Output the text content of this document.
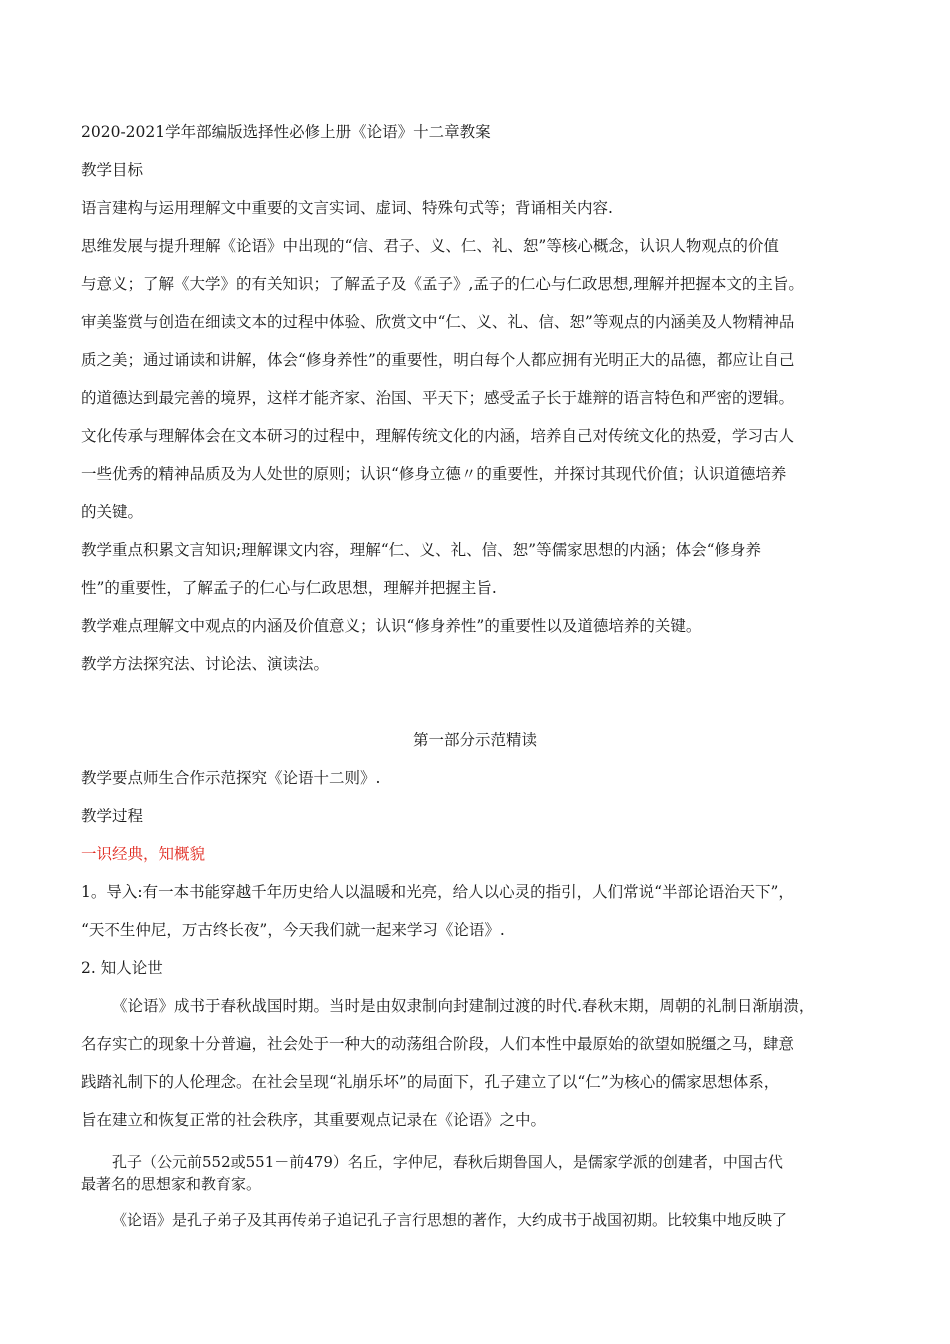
2020-2021学年部编版选择性必修上册《论语》十二章教案
教学目标
语言建构与运用理解文中重要的文言实词、虚词、特殊句式等；背诵相关内容.
思维发展与提升理解《论语》中出现的“信、君子、义、仁、礼、恕”等核心概念，认识人物观点的价值
与意义；了解《大学》的有关知识；了解孟子及《孟子》,孟子的仁心与仁政思想,理解并把握本文的主旨。
审美鉴赏与创造在细读文本的过程中体验、欣赏文中“仁、义、礼、信、恕”等观点的内涵美及人物精神品
质之美；通过诵读和讲解，体会“修身养性”的重要性，明白每个人都应拥有光明正大的品德，都应让自己
的道德达到最完善的境界，这样才能齐家、治国、平天下；感受孟子长于雄辩的语言特色和严密的逻辑。
文化传承与理解体会在文本研习的过程中，理解传统文化的内涵，培养自己对传统文化的热爱，学习古人
一些优秀的精神品质及为人处世的原则；认识“修身立德〃的重要性，并探讨其现代价值；认识道德培养
的关键。
教学重点积累文言知识;理解课文内容，理解“仁、义、礼、信、恕”等儒家思想的内涵；体会“修身养
性”的重要性，了解孟子的仁心与仁政思想，理解并把握主旨.
教学难点理解文中观点的内涵及价值意义；认识“修身养性”的重要性以及道德培养的关键。
教学方法探究法、讨论法、演读法。
第一部分示范精读
教学要点师生合作示范探究《论语十二则》.
教学过程
一识经典，知概貌
1。导入:有一本书能穿越千年历史给人以温暖和光亮，给人以心灵的指引，人们常说“半部论语治天下”，
“天不生仲尼，万古终长夜”，今天我们就一起来学习《论语》.
2. 知人论世
《论语》成书于春秋战国时期。当时是由奴隶制向封建制过渡的时代.春秋末期，周朝的礼制日渐崩溃，
名存实亡的现象十分普遍，社会处于一种大的动荡组合阶段，人们本性中最原始的欲望如脱缰之马，肆意
践踏礼制下的人伦理念。在社会呈现“礼崩乐坏”的局面下，孔子建立了以“仁”为核心的儒家思想体系，
旨在建立和恢复正常的社会秩序，其重要观点记录在《论语》之中。
孔子（公元前552或551－前479）名丘，字仲尼，春秋后期鲁国人，是儒家学派的创建者，中国古代
最著名的思想家和教育家。
《论语》是孔子弟子及其再传弟子追记孔子言行思想的著作，大约成书于战国初期。比较集中地反映了
